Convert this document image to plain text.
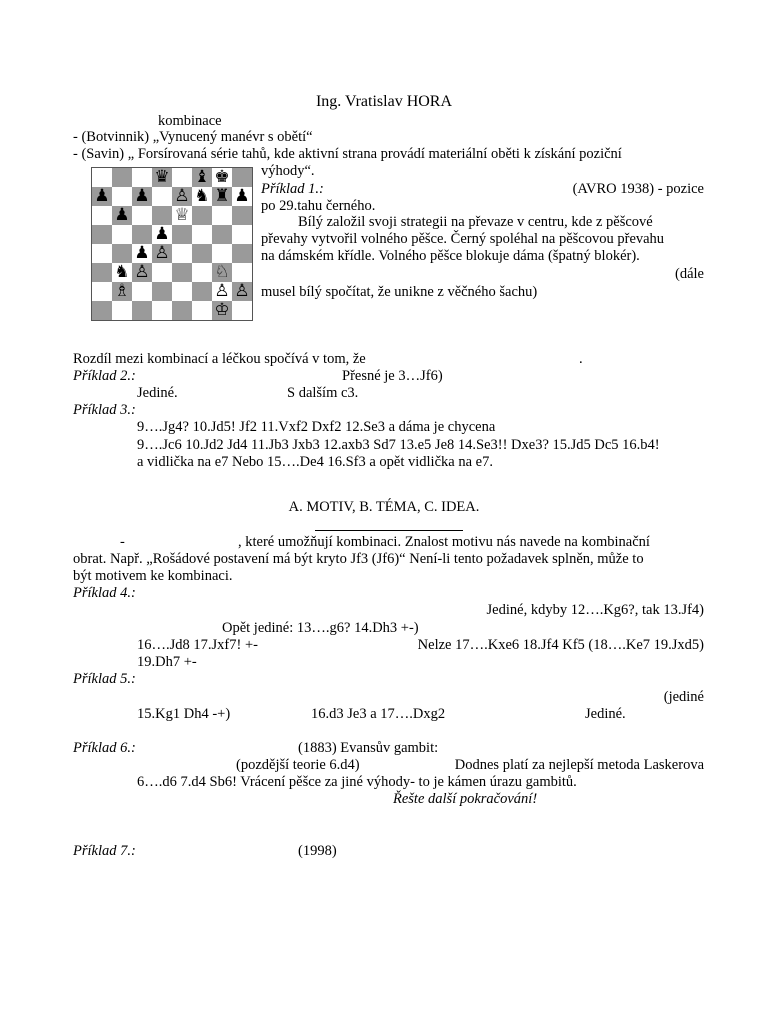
Ing. Vratislav HORA
kombinace
- (Botvinnik) „Vynucený manévr s obětí“
- (Savin) „ Forsírovaná série tahů, kde aktivní strana provádí materiální oběti k získání poziční
výhody“.
♛ ♝ ♚
♟ ♟ ♙ ♞ ♜ ♟
♟	♕
♟
♟ ♙
♞ ♙	♘
♗	♙ ♙
♔
Příklad 1.:	(AVRO 1938) - pozice
po 29.tahu černého.
Bílý založil svoji strategii na převaze v centru, kde z pěšcové
převahy vytvořil volného pěšce. Černý spoléhal na pěšcovou převahu
na dámském křídle. Volného pěšce blokuje dáma (špatný blokér).
(dále
musel bílý spočítat, že unikne z věčného šachu)
Rozdíl mezi kombinací a léčkou spočívá v tom, že	.
Příklad 2.:	Přesné je 3…Jf6)
Jediné.	S dalším c3.
Příklad 3.:
9….Jg4? 10.Jd5! Jf2 11.Vxf2 Dxf2 12.Se3 a dáma je chycena
9….Jc6 10.Jd2 Jd4 11.Jb3 Jxb3 12.axb3 Sd7 13.e5 Je8 14.Se3!! Dxe3? 15.Jd5 Dc5 16.b4!
a vidlička na e7 Nebo 15….De4 16.Sf3 a opět vidlička na e7.
A. MOTIV, B. TÉMA, C. IDEA.
-	, které umožňují kombinaci. Znalost motivu nás navede na kombinační
obrat. Např. „Rošádové postavení má být kryto Jf3 (Jf6)“ Není-li tento požadavek splněn, může to
být motivem ke kombinaci.
Příklad 4.:
Jediné, kdyby 12….Kg6?, tak 13.Jf4)
Opět jediné: 13….g6? 14.Dh3 +-)
16….Jd8 17.Jxf7! +-	Nelze 17….Kxe6 18.Jf4 Kf5 (18….Ke7 19.Jxd5)
19.Dh7 +-
Příklad 5.:
(jediné
15.Kg1 Dh4 -+)	16.d3 Je3 a 17….Dxg2	Jediné.
Příklad 6.:	(1883) Evansův gambit:
(pozdější teorie 6.d4)	Dodnes platí za nejlepší metoda Laskerova
6….d6 7.d4 Sb6! Vrácení pěšce za jiné výhody- to je kámen úrazu gambitů.
Řešte další pokračování!
Příklad 7.:	(1998)
